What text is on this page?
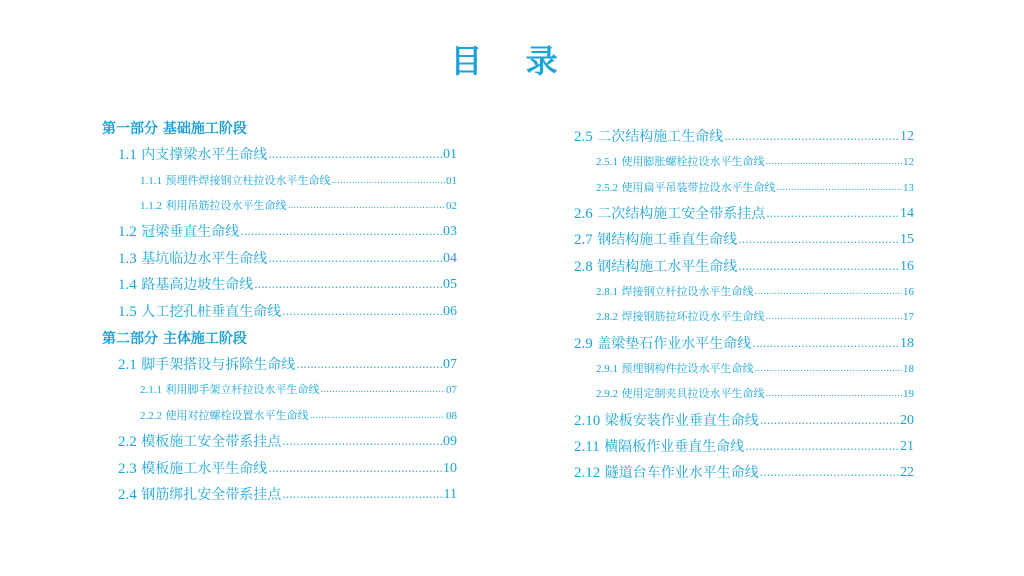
目 录
第一部分 基础施工阶段
1.1 内支撑梁水平生命线 .....	01
1.1.1 预埋件焊接钢立柱拉设水平生命线 .....	01
1.1.2 利用吊筋拉设水平生命线 .....	02
1.2 冠梁垂直生命线 .....	03
1.3 基坑临边水平生命线 .....	04
1.4 路基高边坡生命线 .....	05
1.5 人工挖孔桩垂直生命线 .....	06
第二部分 主体施工阶段
2.1 脚手架搭设与拆除生命线 .....	07
2.1.1 利用脚手架立杆拉设水平生命线 .....	07
2.2.2 使用对拉螺栓设置水平生命线 .....	08
2.2 模板施工安全带系挂点 .....	09
2.3 模板施工水平生命线 .....	10
2.4 钢筋绑扎安全带系挂点 .....	11
2.5 二次结构施工生命线 .....	12
2.5.1 使用膨胀螺栓拉设水平生命线 .....	12
2.5.2 使用扁平吊装带拉设水平生命线 .....	13
2.6 二次结构施工安全带系挂点 .....	14
2.7 钢结构施工垂直生命线 .....	15
2.8 钢结构施工水平生命线 .....	16
2.8.1 焊接钢立杆拉设水平生命线 .....	16
2.8.2 焊接钢筋拉环拉设水平生命线 .....	17
2.9 盖梁垫石作业水平生命线 .....	18
2.9.1 预埋钢构件拉设水平生命线 .....	18
2.9.2 使用定制夹具拉设水平生命线 .....	19
2.10 梁板安装作业垂直生命线 .....	20
2.11 横隔板作业垂直生命线 .....	21
2.12 隧道台车作业水平生命线 .....	22
